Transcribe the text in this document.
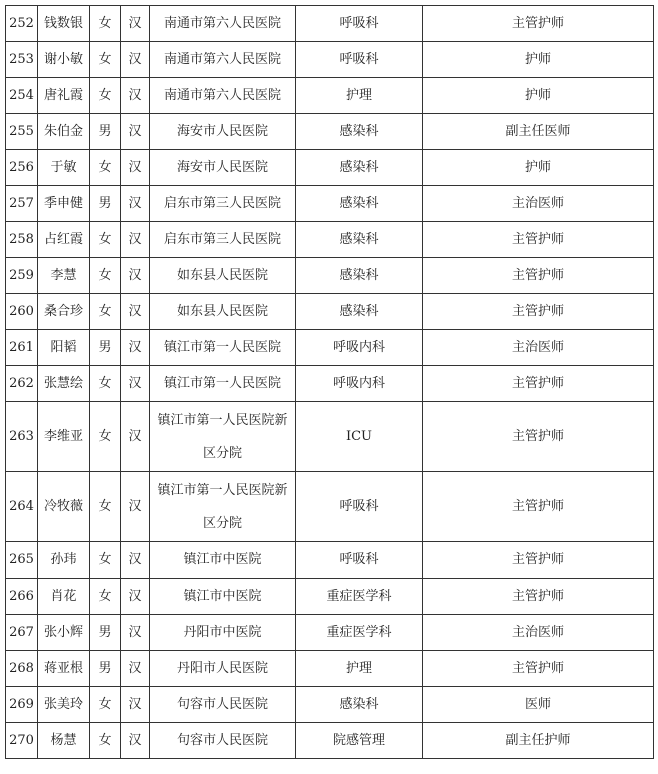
252	钱数银	女	汉	南通市第六人民医院	呼吸科	主管护师
253	谢小敏	女	汉	南通市第六人民医院	呼吸科	护师
254	唐礼霞	女	汉	南通市第六人民医院	护理	护师
255	朱伯金	男	汉	海安市人民医院	感染科	副主任医师
256	于敏	女	汉	海安市人民医院	感染科	护师
257	季申健	男	汉	启东市第三人民医院	感染科	主治医师
258	占红霞	女	汉	启东市第三人民医院	感染科	主管护师
259	李慧	女	汉	如东县人民医院	感染科	主管护师
260	桑合珍	女	汉	如东县人民医院	感染科	主管护师
261	阳韬	男	汉	镇江市第一人民医院	呼吸内科	主治医师
262	张慧绘	女	汉	镇江市第一人民医院	呼吸内科	主管护师
263	李维亚	女	汉	镇江市第一人民医院新区分院	ICU	主管护师
264	冷牧薇	女	汉	镇江市第一人民医院新区分院	呼吸科	主管护师
265	孙玮	女	汉	镇江市中医院	呼吸科	主管护师
266	肖花	女	汉	镇江市中医院	重症医学科	主管护师
267	张小辉	男	汉	丹阳市中医院	重症医学科	主治医师
268	蒋亚根	男	汉	丹阳市人民医院	护理	主管护师
269	张美玲	女	汉	句容市人民医院	感染科	医师
270	杨慧	女	汉	句容市人民医院	院感管理	副主任护师
